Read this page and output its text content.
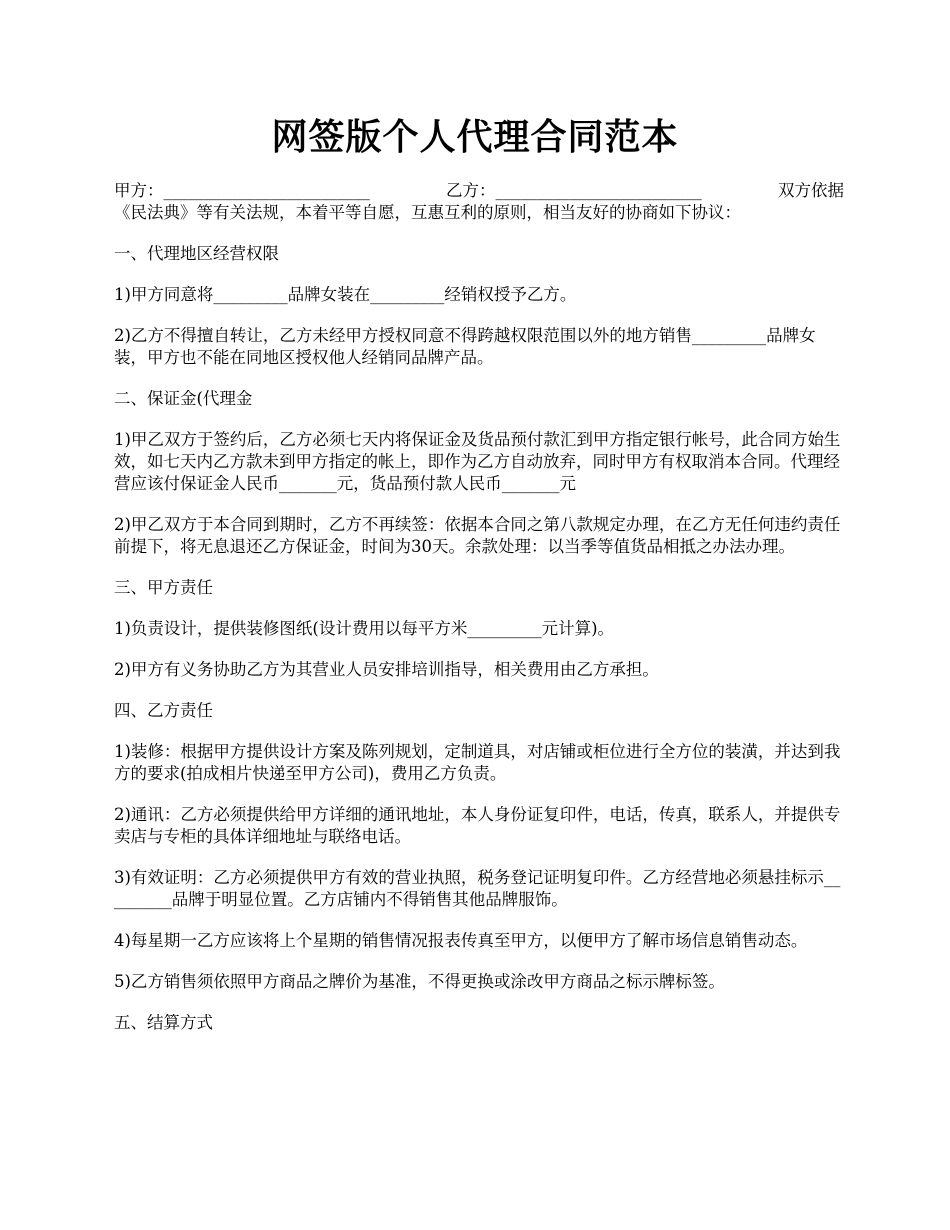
网签版个人代理合同范本

甲方：_________________________	乙方：_________________________	双方依据
《民法典》等有关法规，本着平等自愿，互惠互利的原则，相当友好的协商如下协议：

一、代理地区经营权限

1)甲方同意将_________品牌女装在_________经销权授予乙方。

2)乙方不得擅自转让，乙方未经甲方授权同意不得跨越权限范围以外的地方销售_________品牌女装，甲方也不能在同地区授权他人经销同品牌产品。

二、保证金(代理金

1)甲乙双方于签约后，乙方必须七天内将保证金及货品预付款汇到甲方指定银行帐号，此合同方始生效，如七天内乙方款未到甲方指定的帐上，即作为乙方自动放弃，同时甲方有权取消本合同。代理经营应该付保证金人民币_______元，货品预付款人民币_______元

2)甲乙双方于本合同到期时，乙方不再续签：依据本合同之第八款规定办理，在乙方无任何违约责任前提下，将无息退还乙方保证金，时间为30天。余款处理：以当季等值货品相抵之办法办理。

三、甲方责任

1)负责设计，提供装修图纸(设计费用以每平方米_________元计算)。

2)甲方有义务协助乙方为其营业人员安排培训指导，相关费用由乙方承担。

四、乙方责任

1)装修：根据甲方提供设计方案及陈列规划，定制道具，对店铺或柜位进行全方位的装潢，并达到我方的要求(拍成相片快递至甲方公司)，费用乙方负责。

2)通讯：乙方必须提供给甲方详细的通讯地址，本人身份证复印件，电话，传真，联系人，并提供专卖店与专柜的具体详细地址与联络电话。

3)有效证明：乙方必须提供甲方有效的营业执照，税务登记证明复印件。乙方经营地必须悬挂标示_________品牌于明显位置。乙方店铺内不得销售其他品牌服饰。

4)每星期一乙方应该将上个星期的销售情况报表传真至甲方，以便甲方了解市场信息销售动态。

5)乙方销售须依照甲方商品之牌价为基准，不得更换或涂改甲方商品之标示牌标签。

五、结算方式
